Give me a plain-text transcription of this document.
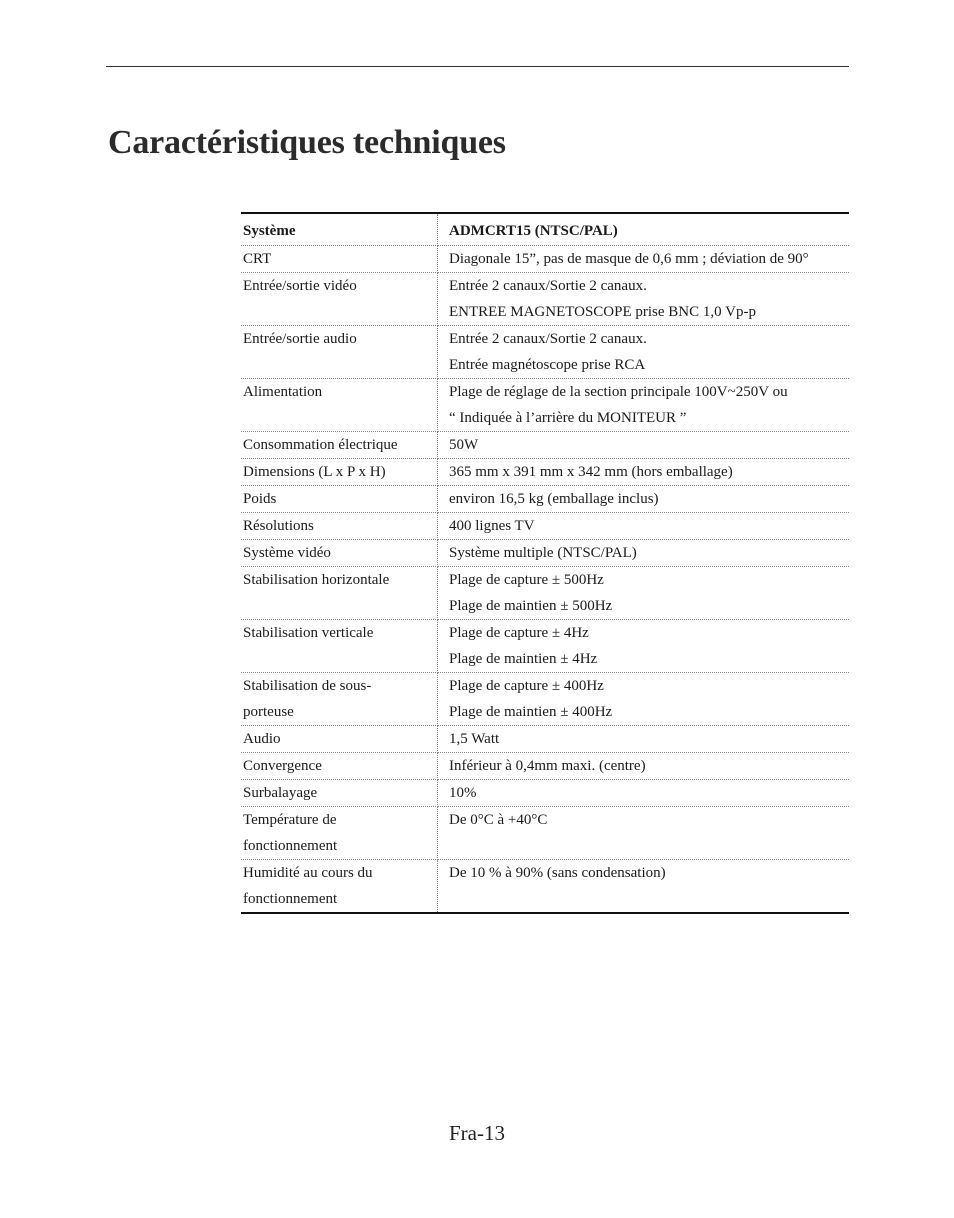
Caractéristiques techniques
Système	ADMCRT15 (NTSC/PAL)

CRT	Diagonale 15”, pas de masque de 0,6 mm ; déviation de 90°

Entrée/sortie vidéo	Entrée 2 canaux/Sortie 2 canaux.
ENTREE MAGNETOSCOPE prise BNC 1,0 Vp-p

Entrée/sortie audio	Entrée 2 canaux/Sortie 2 canaux.
Entrée magnétoscope prise RCA

Alimentation	Plage de réglage de la section principale 100V~250V ou
“ Indiquée à l’arrière du MONITEUR ”

Consommation électrique	50W

Dimensions (L x P x H)	365 mm x 391 mm x 342 mm (hors emballage)

Poids	environ 16,5 kg (emballage inclus)

Résolutions	400 lignes TV

Système vidéo	Système multiple (NTSC/PAL)

Stabilisation horizontale	Plage de capture ± 500Hz
Plage de maintien ± 500Hz

Stabilisation verticale	Plage de capture ± 4Hz
Plage de maintien ± 4Hz

Stabilisation de sous-
porteuse	Plage de capture ± 400Hz
Plage de maintien ± 400Hz

Audio	1,5 Watt

Convergence	Inférieur à 0,4mm maxi. (centre)

Surbalayage	10%

Température de
fonctionnement	De 0°C à +40°C

Humidité au cours du
fonctionnement	De 10 % à 90% (sans condensation)
Fra-13
